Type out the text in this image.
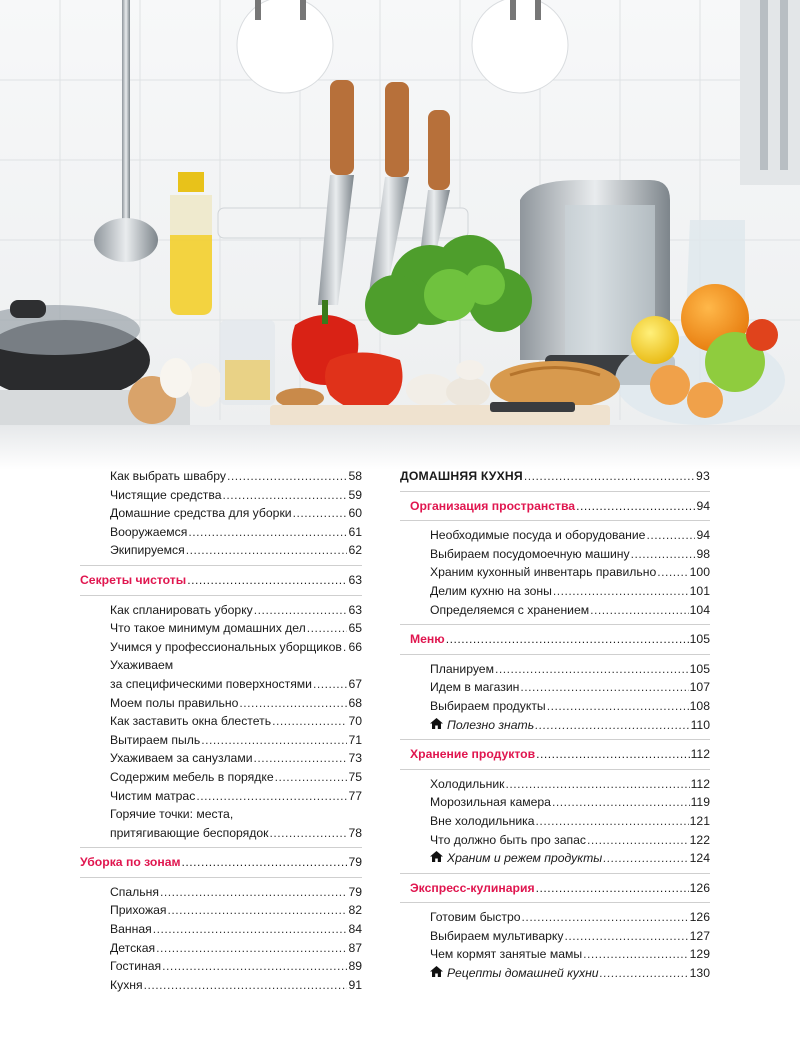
Как выбрать швабру .....	58
Чистящие средства .....	59
Домашние средства для уборки .....	60
Вооружаемся .....	61
Экипируемся .....	62
Секреты чистоты .....	63
Как спланировать уборку .....	63
Что такое минимум домашних дел .....	65
Учимся у профессиональных уборщиков ..... 66
Ухаживаем
за специфическими поверхностями .....	67
Моем полы правильно .....	68
Как заставить окна блестеть .....	70
Вытираем пыль .....	71
Ухаживаем за санузлами .....	73
Содержим мебель в порядке .....	75
Чистим матрас .....	77
Горячие точки: места,
притягивающие беспорядок .....	78
Уборка по зонам .....	79
Спальня .....	79
Прихожая .....	82
Ванная .....	84
Детская .....	87
Гостиная .....	89
Кухня .....	91
ДОМАШНЯЯ КУХНЯ .....	93
Организация пространства .....	94
Необходимые посуда и оборудование .....	94
Выбираем посудомоечную машину .....	98
Храним кухонный инвентарь правильно .....	100
Делим кухню на зоны .....	101
Определяемся с хранением .....	104
Меню .....	105
Планируем .....	105
Идем в магазин .....	107
Выбираем продукты .....	108
Полезно знать .....	110
Хранение продуктов .....	112
Холодильник .....	112
Морозильная камера .....	119
Вне холодильника .....	121
Что должно быть про запас .....	122
Храним и режем продукты .....	124
Экспресс-кулинария .....	126
Готовим быстро .....	126
Выбираем мультиварку .....	127
Чем кормят занятые мамы .....	129
Рецепты домашней кухни .....	130
